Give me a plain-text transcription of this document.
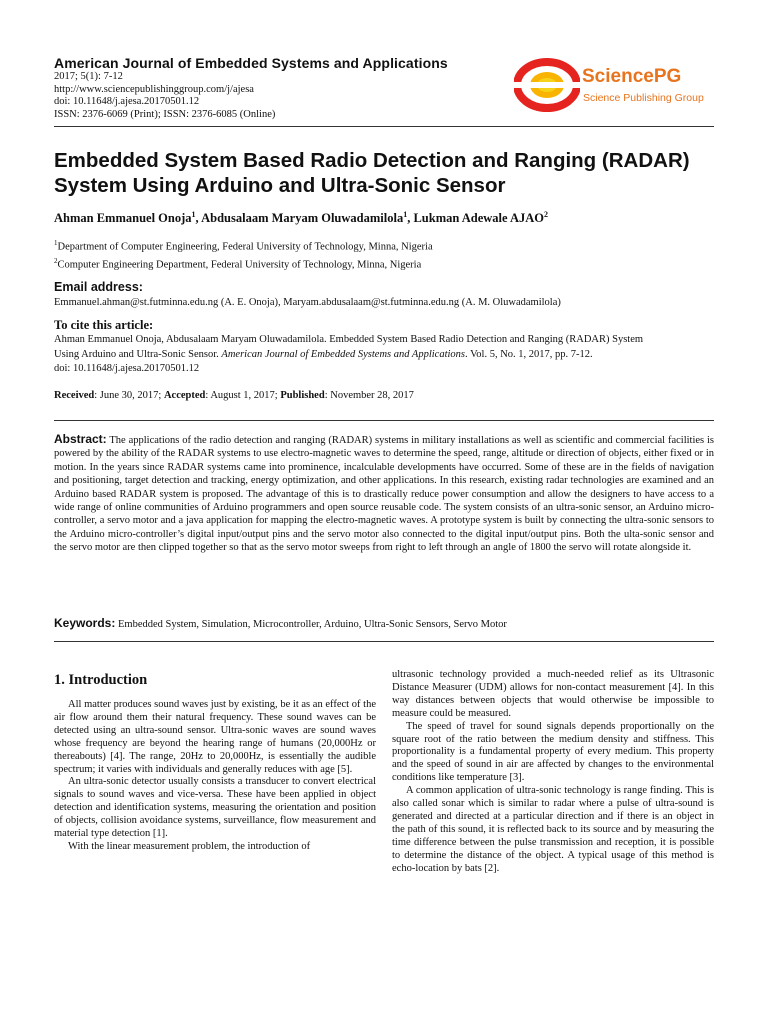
American Journal of Embedded Systems and Applications
2017; 5(1): 7-12
http://www.sciencepublishinggroup.com/j/ajesa
doi: 10.11648/j.ajesa.20170501.12
ISSN: 2376-6069 (Print); ISSN: 2376-6085 (Online)
SciencePG
Science Publishing Group
Embedded System Based Radio Detection and Ranging (RADAR) System Using Arduino and Ultra-Sonic Sensor
Ahman Emmanuel Onoja$^1$, Abdusalaam Maryam Oluwadamilola$^1$, Lukman Adewale AJAO$^2$
$^1$Department of Computer Engineering, Federal University of Technology, Minna, Nigeria
$^2$Computer Engineering Department, Federal University of Technology, Minna, Nigeria
Email address:
Emmanuel.ahman@st.futminna.edu.ng (A. E. Onoja), Maryam.abdusalaam@st.futminna.edu.ng (A. M. Oluwadamilola)
To cite this article:
Ahman Emmanuel Onoja, Abdusalaam Maryam Oluwadamilola. Embedded System Based Radio Detection and Ranging (RADAR) System
Using Arduino and Ultra-Sonic Sensor. American Journal of Embedded Systems and Applications. Vol. 5, No. 1, 2017, pp. 7-12.
doi: 10.11648/j.ajesa.20170501.12
Received: June 30, 2017; Accepted: August 1, 2017; Published: November 28, 2017
Abstract: The applications of the radio detection and ranging (RADAR) systems in military installations as well as scientific and commercial facilities is powered by the ability of the RADAR systems to use electro-magnetic waves to determine the speed, range, altitude or direction of objects, either fixed or in motion. In the years since RADAR systems came into prominence, incalculable developments have occurred. Some of these are in the fields of navigation and positioning, target detection and tracking, energy optimization, and other applications. In this research, existing radar technologies are examined and an Arduino based RADAR system is proposed. The advantage of this is to drastically reduce power consumption and allow the designers to have access to a wide range of online communities of Arduino programmers and open source reusable code. The system consists of an ultra-sonic sensor, an Arduino micro-controller, a servo motor and a java application for mapping the electro-magnetic waves. A prototype system is built by connecting the ultra-sonic sensors to the Arduino micro-controller’s digital input/output pins and the servo motor also connected to the digital input/output pins. Both the ulta-sonic sensor and the servo motor are then clipped together so that as the servo motor sweeps from right to left through an angle of 1800 the servo will rotate alongside it.
Keywords: Embedded System, Simulation, Microcontroller, Arduino, Ultra-Sonic Sensors, Servo Motor
1. Introduction

All matter produces sound waves just by existing, be it as an effect of the air flow around them their natural frequency. These sound waves can be detected using an ultra-sound sensor. Ultra-sonic waves are sound waves whose frequency are beyond the hearing range of humans (20,000Hz or thereabouts) [4]. The range, 20Hz to 20,000Hz, is essentially the audible spectrum; it varies with individuals and generally reduces with age [5].

An ultra-sonic detector usually consists a transducer to convert electrical signals to sound waves and vice-versa. These have been applied in object detection and identification systems, measuring the orientation and position of objects, collision avoidance systems, surveillance, flow measurement and material type detection [1].

With the linear measurement problem, the introduction of

ultrasonic technology provided a much-needed relief as its Ultrasonic Distance Measurer (UDM) allows for non-contact measurement [4]. In this way distances between objects that would otherwise be impossible to measure could be measured.

The speed of travel for sound signals depends proportionally on the square root of the ratio between the medium density and stiffness. This proportionality is a fundamental property of every medium. This property and the speed of sound in air are affected by changes to the environmental conditions like temperature [3].

A common application of ultra-sonic technology is range finding. This is also called sonar which is similar to radar where a pulse of ultra-sound is generated and directed at a particular direction and if there is an object in the path of this sound, it is reflected back to its source and by measuring the time difference between the pulse transmission and reception, it is possible to determine the distance of the object. A typical usage of this method is echo-location by bats [2].
